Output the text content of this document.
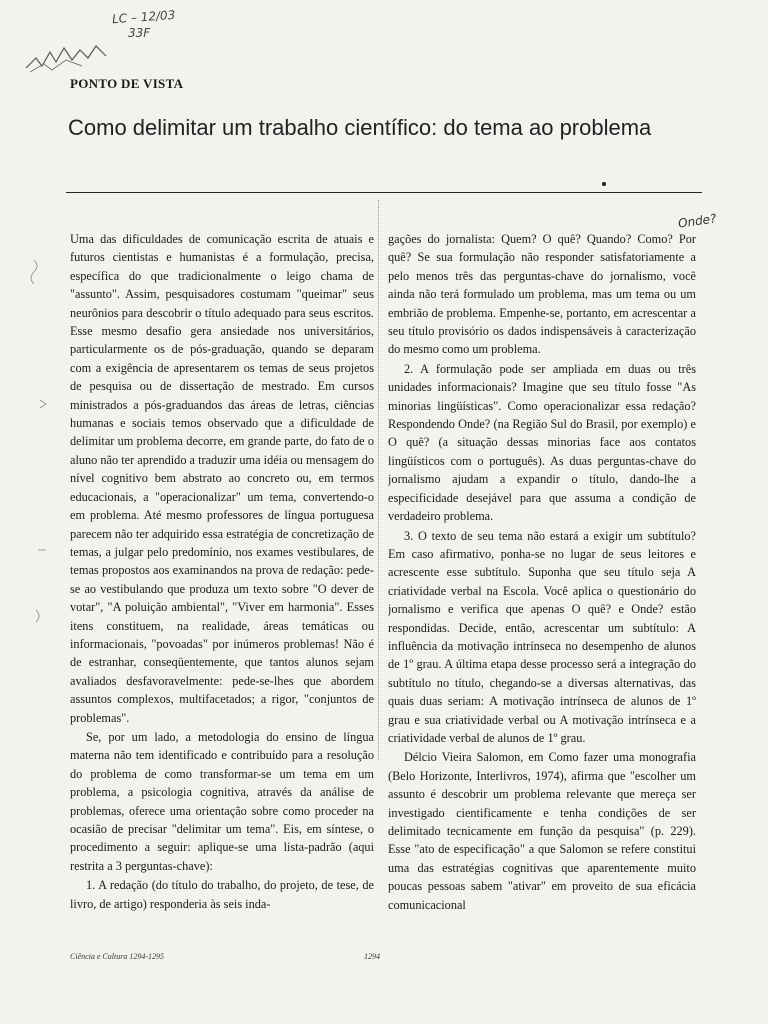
LC – 12/03
33F
PONTO DE VISTA
Como delimitar um trabalho científico: do tema ao problema
Onde?

Uma das dificuldades de comunicação escrita de atuais e futuros cientistas e humanistas é a formulação, precisa, específica do que tradicionalmente o leigo chama de "assunto". Assim, pesquisadores costumam "queimar" seus neurônios para descobrir o título adequado para seus escritos. Esse mesmo desafio gera ansiedade nos universitários, particularmente os de pós-graduação, quando se deparam com a exigência de apresentarem os temas de seus projetos de pesquisa ou de dissertação de mestrado. Em cursos ministrados a pós-graduandos das áreas de letras, ciências humanas e sociais temos observado que a dificuldade de delimitar um problema decorre, em grande parte, do fato de o aluno não ter aprendido a traduzir uma idéia ou mensagem do nível cognitivo bem abstrato ao concreto ou, em termos educacionais, a "operacionalizar" um tema, convertendo-o em problema. Até mesmo professores de língua portuguesa parecem não ter adquirido essa estratégia de concretização de temas, a julgar pelo predomínio, nos exames vestibulares, de temas propostos aos examinandos na prova de redação: pede-se ao vestibulando que produza um texto sobre "O dever de votar", "A poluição ambiental", "Viver em harmonia". Esses itens constituem, na realidade, áreas temáticas ou informacionais, "povoadas" por inúmeros problemas! Não é de estranhar, conseqüentemente, que tantos alunos sejam avaliados desfavoravelmente: pede-se-lhes que abordem assuntos complexos, multifacetados; a rigor, "conjuntos de problemas".

Se, por um lado, a metodologia do ensino de língua materna não tem identificado e contribuído para a resolução do problema de como transformar-se um tema em um problema, a psicologia cognitiva, através da análise de problemas, oferece uma orientação sobre como proceder na ocasião de precisar "delimitar um tema". Eis, em síntese, o procedimento a seguir: aplique-se uma lista-padrão (aqui restrita a 3 perguntas-chave):

1. A redação (do título do trabalho, do projeto, de tese, de livro, de artigo) responderia às seis inda-

gações do jornalista: Quem? O quê? Quando? Como? Por quê? Se sua formulação não responder satisfatoriamente a pelo menos três das perguntas-chave do jornalismo, você ainda não terá formulado um problema, mas um tema ou um embrião de problema. Empenhe-se, portanto, em acrescentar a seu título provisório os dados indispensáveis à caracterização do mesmo como um problema.

2. A formulação pode ser ampliada em duas ou três unidades informacionais? Imagine que seu título fosse "As minorias lingüísticas". Como operacionalizar essa redação? Respondendo Onde? (na Região Sul do Brasil, por exemplo) e O quê? (a situação dessas minorias face aos contatos lingüísticos com o português). As duas perguntas-chave do jornalismo ajudam a expandir o título, dando-lhe a especificidade desejável para que assuma a condição de verdadeiro problema.

3. O texto de seu tema não estará a exigir um subtítulo? Em caso afirmativo, ponha-se no lugar de seus leitores e acrescente esse subtítulo. Suponha que seu título seja A criatividade verbal na Escola. Você aplica o questionário do jornalismo e verifica que apenas O quê? e Onde? estão respondidas. Decide, então, acrescentar um subtítulo: A influência da motivação intrínseca no desempenho de alunos de 1º grau. A última etapa desse processo será a integração do subtítulo no título, chegando-se a diversas alternativas, das quais duas seriam: A motivação intrínseca de alunos de 1º grau e sua criatividade verbal ou A motivação intrínseca e a criatividade verbal de alunos de 1º grau.

Délcio Vieira Salomon, em Como fazer uma monografia (Belo Horizonte, Interlivros, 1974), afirma que "escolher um assunto é descobrir um problema relevante que mereça ser investigado cientificamente e tenha condições de ser delimitado tecnicamente em função da pesquisa" (p. 229). Esse "ato de especificação" a que Salomon se refere constitui uma das estratégias cognitivas que aparentemente muito poucas pessoas sabem "ativar" em proveito de sua eficácia comunicacional

Ciência e Cultura 1294-1295	1294
